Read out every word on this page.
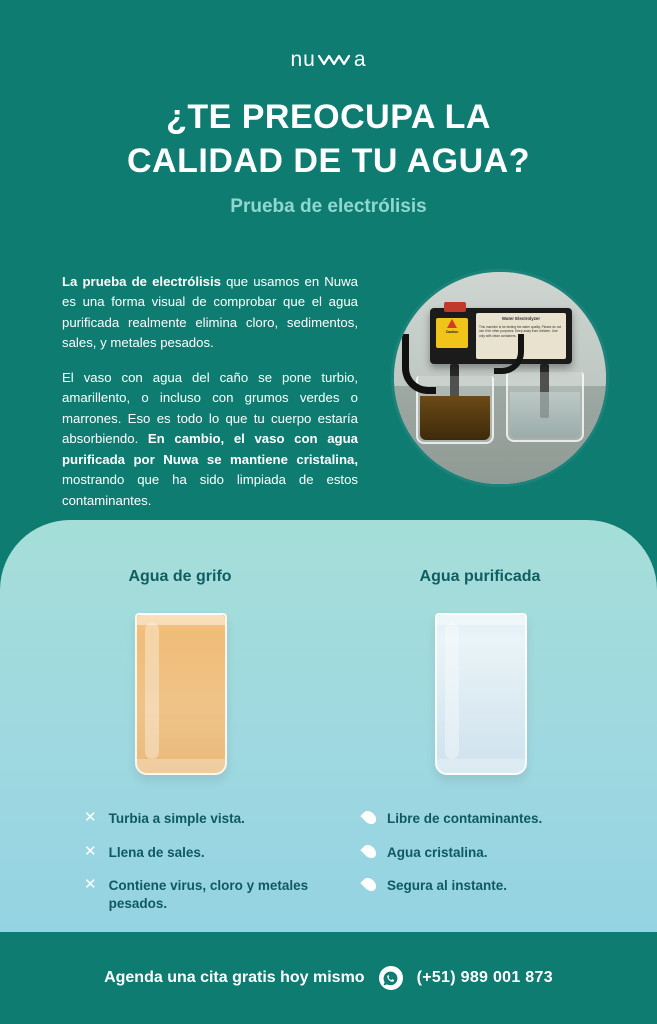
nu a
¿TE PREOCUPA LA
CALIDAD DE TU AGUA?
Prueba de electrólisis

La prueba de electrólisis que usamos en Nuwa es una forma visual de comprobar que el agua purificada realmente elimina cloro, sedimentos, sales, y metales pesados.

El vaso con agua del caño se pone turbio, amarillento, o incluso con grumos verdes o marrones. Eso es todo lo que tu cuerpo estaría absorbiendo. En cambio, el vaso con agua purificada por Nuwa se mantiene cristalina, mostrando que ha sido limpiada de estos contaminantes.

Caution
Water Electrolyzer
This machine is for testing the water quality. Please do not use it for other purposes. Keep away from children. Use only with clean containers.
Agua de grifo	Agua purificada
✕ Turbia a simple vista.
✕ Llena de sales.
✕ Contiene virus, cloro y metales pesados.
Libre de contaminantes.
Agua cristalina.
Segura al instante.
Agenda una cita gratis hoy mismo	(+51) 989 001 873
